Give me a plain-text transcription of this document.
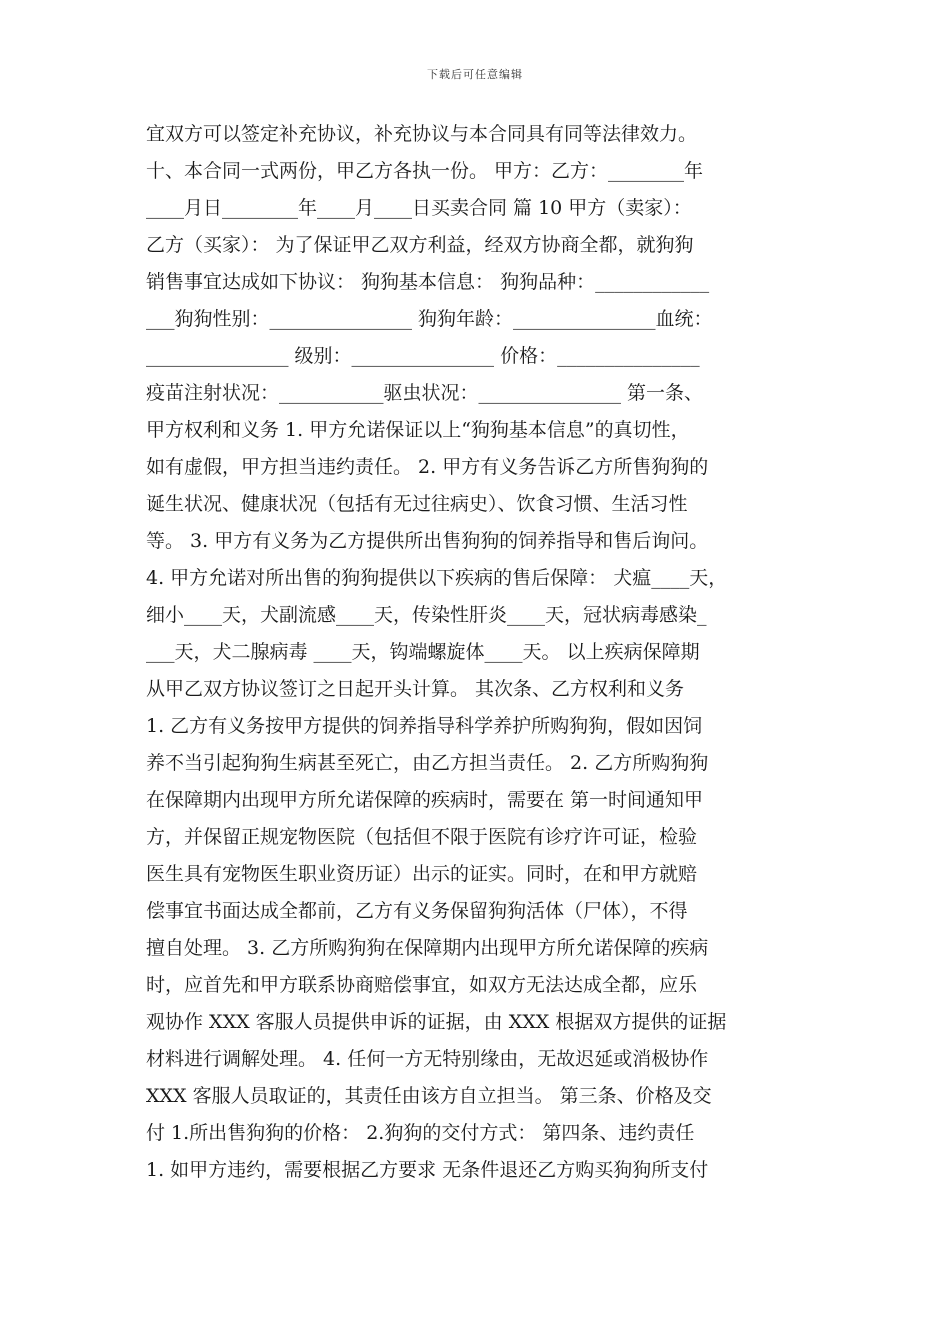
下载后可任意编辑
宜双方可以签定补充协议，补充协议与本合同具有同等法律效力。
十、本合同一式两份，甲乙方各执一份。 甲方：乙方：________年
____月日________年____月____日买卖合同 篇 10 甲方（卖家）：
乙方（买家）： 为了保证甲乙双方利益，经双方协商全都，就狗狗
销售事宜达成如下协议： 狗狗基本信息： 狗狗品种：____________
___狗狗性别：_______________ 狗狗年龄：_______________血统：
_______________ 级别：_______________ 价格：_______________
疫苗注射状况：___________驱虫状况：_______________ 第一条、
甲方权利和义务 1. 甲方允诺保证以上“狗狗基本信息”的真切性，
如有虚假，甲方担当违约责任。 2. 甲方有义务告诉乙方所售狗狗的
诞生状况、健康状况（包括有无过往病史）、饮食习惯、生活习性
等。 3. 甲方有义务为乙方提供所出售狗狗的饲养指导和售后询问。
4. 甲方允诺对所出售的狗狗提供以下疾病的售后保障： 犬瘟____天，
细小____天，犬副流感____天，传染性肝炎____天，冠状病毒感染_
___天，犬二腺病毒 ____天，钩端螺旋体____天。 以上疾病保障期
从甲乙双方协议签订之日起开头计算。 其次条、乙方权利和义务
1. 乙方有义务按甲方提供的饲养指导科学养护所购狗狗，假如因饲
养不当引起狗狗生病甚至死亡，由乙方担当责任。 2. 乙方所购狗狗
在保障期内出现甲方所允诺保障的疾病时，需要在 第一时间通知甲
方，并保留正规宠物医院（包括但不限于医院有诊疗许可证，检验
医生具有宠物医生职业资历证）出示的证实。同时，在和甲方就赔
偿事宜书面达成全都前，乙方有义务保留狗狗活体（尸体），不得
擅自处理。 3. 乙方所购狗狗在保障期内出现甲方所允诺保障的疾病
时，应首先和甲方联系协商赔偿事宜，如双方无法达成全都，应乐
观协作 XXX 客服人员提供申诉的证据，由 XXX 根据双方提供的证据
材料进行调解处理。 4. 任何一方无特别缘由，无故迟延或消极协作
XXX 客服人员取证的，其责任由该方自立担当。 第三条、价格及交
付 1.所出售狗狗的价格： 2.狗狗的交付方式： 第四条、违约责任
1. 如甲方违约，需要根据乙方要求 无条件退还乙方购买狗狗所支付
